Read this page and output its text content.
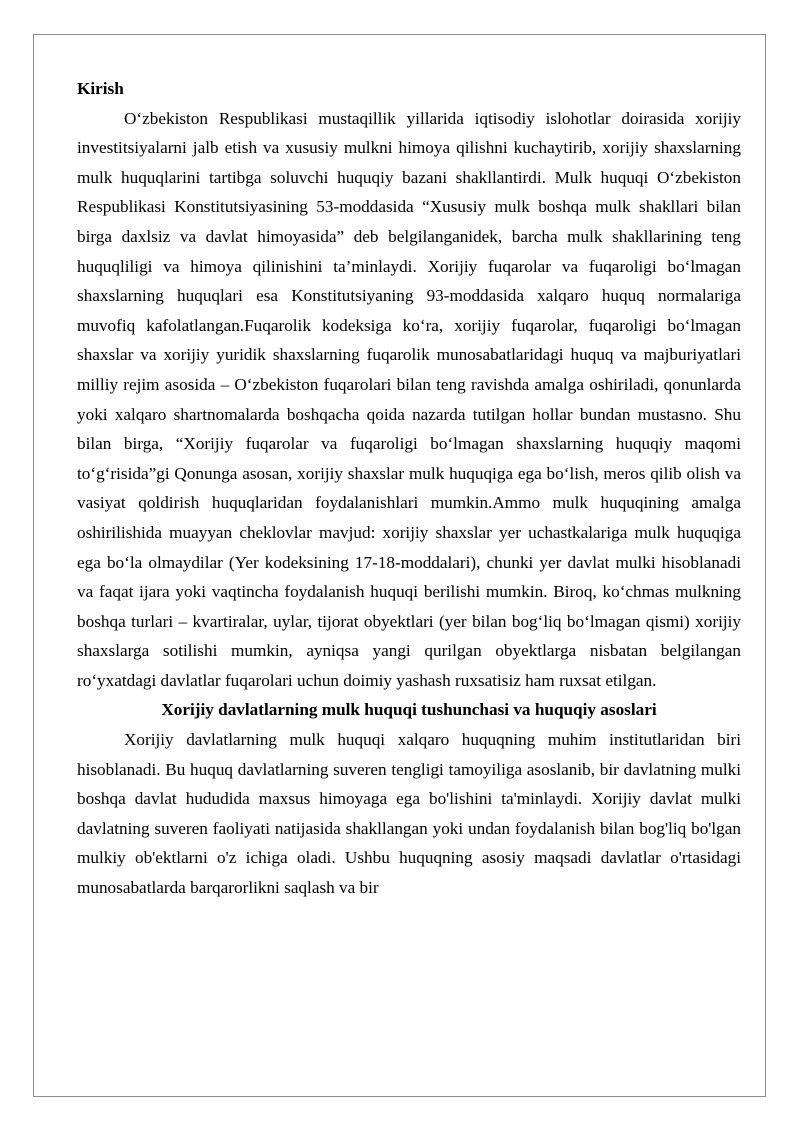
Kirish

O‘zbekiston Respublikasi mustaqillik yillarida iqtisodiy islohotlar doirasida xorijiy investitsiyalarni jalb etish va xususiy mulkni himoya qilishni kuchaytirib, xorijiy shaxslarning mulk huquqlarini tartibga soluvchi huquqiy bazani shakllantirdi. Mulk huquqi O‘zbekiston Respublikasi Konstitutsiyasining 53-moddasida “Xususiy mulk boshqa mulk shakllari bilan birga daxlsiz va davlat himoyasida” deb belgilanganidek, barcha mulk shakllarining teng huquqliligi va himoya qilinishini ta’minlaydi. Xorijiy fuqarolar va fuqaroligi bo‘lmagan shaxslarning huquqlari esa Konstitutsiyaning 93-moddasida xalqaro huquq normalariga muvofiq kafolatlangan.Fuqarolik kodeksiga ko‘ra, xorijiy fuqarolar, fuqaroligi bo‘lmagan shaxslar va xorijiy yuridik shaxslarning fuqarolik munosabatlaridagi huquq va majburiyatlari milliy rejim asosida – O‘zbekiston fuqarolari bilan teng ravishda amalga oshiriladi, qonunlarda yoki xalqaro shartnomalarda boshqacha qoida nazarda tutilgan hollar bundan mustasno. Shu bilan birga, “Xorijiy fuqarolar va fuqaroligi bo‘lmagan shaxslarning huquqiy maqomi to‘g‘risida”gi Qonunga asosan, xorijiy shaxslar mulk huquqiga ega bo‘lish, meros qilib olish va vasiyat qoldirish huquqlaridan foydalanishlari mumkin.Ammo mulk huquqining amalga oshirilishida muayyan cheklovlar mavjud: xorijiy shaxslar yer uchastkalariga mulk huquqiga ega bo‘la olmaydilar (Yer kodeksining 17-18-moddalari), chunki yer davlat mulki hisoblanadi va faqat ijara yoki vaqtincha foydalanish huquqi berilishi mumkin. Biroq, ko‘chmas mulkning boshqa turlari – kvartiralar, uylar, tijorat obyektlari (yer bilan bog‘liq bo‘lmagan qismi) xorijiy shaxslarga sotilishi mumkin, ayniqsa yangi qurilgan obyektlarga nisbatan belgilangan ro‘yxatdagi davlatlar fuqarolari uchun doimiy yashash ruxsatisiz ham ruxsat etilgan.

Xorijiy davlatlarning mulk huquqi tushunchasi va huquqiy asoslari

Xorijiy davlatlarning mulk huquqi xalqaro huquqning muhim institutlaridan biri hisoblanadi. Bu huquq davlatlarning suveren tengligi tamoyiliga asoslanib, bir davlatning mulki boshqa davlat hududida maxsus himoyaga ega bo'lishini ta'minlaydi. Xorijiy davlat mulki davlatning suveren faoliyati natijasida shakllangan yoki undan foydalanish bilan bog'liq bo'lgan mulkiy ob'ektlarni o'z ichiga oladi. Ushbu huquqning asosiy maqsadi davlatlar o'rtasidagi munosabatlarda barqarorlikni saqlash va bir
